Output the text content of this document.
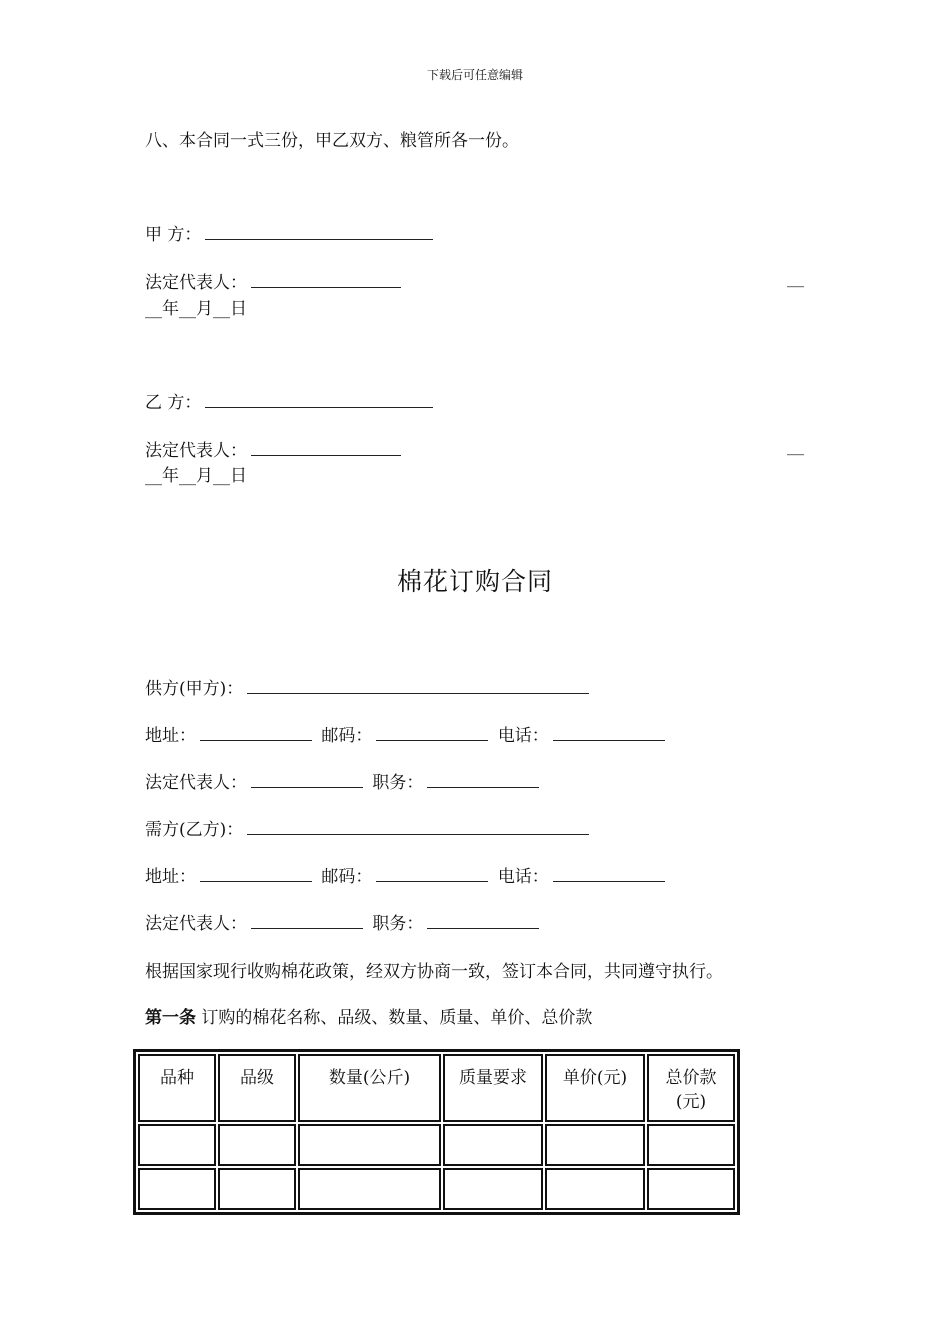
下载后可任意编辑
八、本合同一式三份，甲乙双方、粮管所各一份。
甲 方：
法定代表人：	__
__年__月__日
乙 方：
法定代表人：	__
__年__月__日
棉花订购合同
供方(甲方)：
地址：	邮码：	电话：
法定代表人：	职务：
需方(乙方)：
地址：	邮码：	电话：
法定代表人：	职务：
根据国家现行收购棉花政策，经双方协商一致，签订本合同，共同遵守执行。
第一条 订购的棉花名称、品级、数量、质量、单价、总价款
品种	品级	数量(公斤)	质量要求	单价(元)	总价款(元)
